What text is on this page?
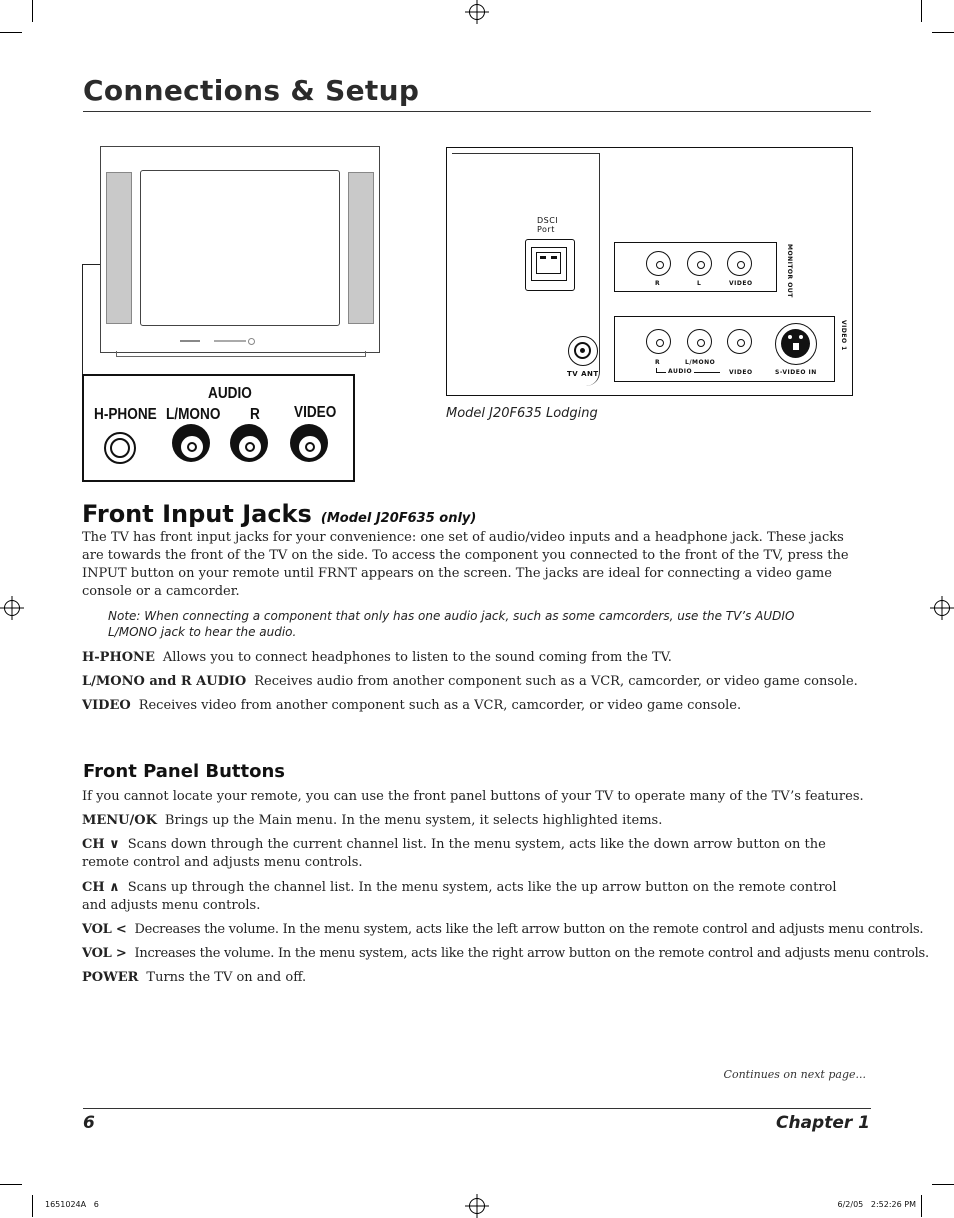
Connections & Setup
H-PHONE
AUDIO
L/MONO R VIDEO
DSCI
Port
TV ANT
R	L	VIDEO	MONITOR OUT
R	L/MONO
AUDIO	VIDEO	S-VIDEO IN
VIDEO 1
Model J20F635 Lodging
Front Input Jacks (Model J20F635 only)
The TV has front input jacks for your convenience: one set of audio/video inputs and a headphone jack. These jacks are towards the front of the TV on the side. To access the component you connected to the front of the TV, press the INPUT button on your remote until FRNT appears on the screen. The jacks are ideal for connecting a video game console or a camcorder.
Note: When connecting a component that only has one audio jack, such as some camcorders, use the TV’s AUDIO L/MONO jack to hear the audio.
H-PHONE Allows you to connect headphones to listen to the sound coming from the TV.
L/MONO and R AUDIO Receives audio from another component such as a VCR, camcorder, or video game console.
VIDEO Receives video from another component such as a VCR, camcorder, or video game console.
Front Panel Buttons
If you cannot locate your remote, you can use the front panel buttons of your TV to operate many of the TV’s features.
MENU/OK Brings up the Main menu. In the menu system, it selects highlighted items.
CH ∨ Scans down through the current channel list. In the menu system, acts like the down arrow button on the remote control and adjusts menu controls.
CH ∧ Scans up through the channel list. In the menu system, acts like the up arrow button on the remote control and adjusts menu controls.
VOL < Decreases the volume. In the menu system, acts like the left arrow button on the remote control and adjusts menu controls.
VOL > Increases the volume. In the menu system, acts like the right arrow button on the remote control and adjusts menu controls.
POWER Turns the TV on and off.
Continues on next page...
6	Chapter 1
1651024A   6	6/2/05   2:52:26 PM
